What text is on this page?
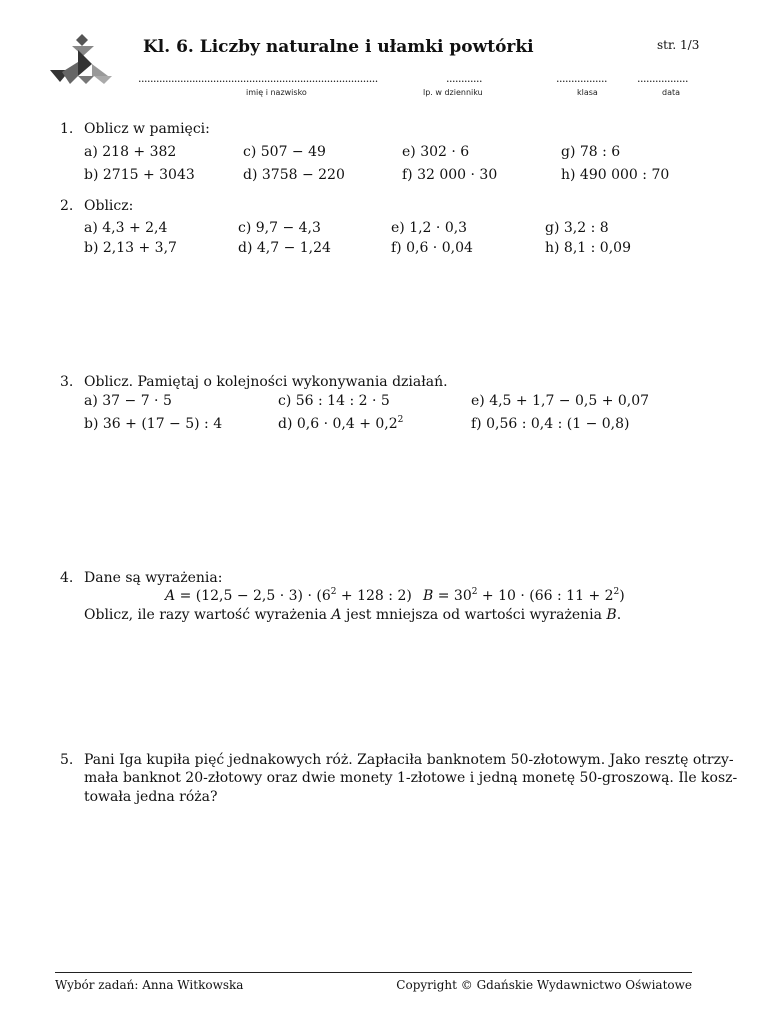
Kl. 6. Liczby naturalne i ułamki powtórki	str. 1/3
................................................................................
imię i nazwisko
............
lp. w dzienniku
.................
klasa
.................
data
1. Oblicz w pamięci:
a) 218 + 382	c) 507 − 49	e) 302 · 6	g) 78 : 6
b) 2715 + 3043	d) 3758 − 220	f) 32 000 · 30	h) 490 000 : 70
2. Oblicz:
a) 4,3 + 2,4	c) 9,7 − 4,3	e) 1,2 · 0,3	g) 3,2 : 8
b) 2,13 + 3,7	d) 4,7 − 1,24	f) 0,6 · 0,04	h) 8,1 : 0,09
3. Oblicz. Pamiętaj o kolejności wykonywania działań.
a) 37 − 7 · 5	c) 56 : 14 : 2 · 5	e) 4,5 + 1,7 − 0,5 + 0,07
b) 36 + (17 − 5) : 4	d) $0,6 \cdot 0,4 + 0,2^2$	f) 0,56 : 0,4 : (1 − 0,8)
4. Dane są wyrażenia:
$A = (12,5 - 2,5 \cdot 3) \cdot (6^2 + 128$ : 2) $B = 30^2 + 10 \cdot (66$ : $11 + 2^2$)
Oblicz, ile razy wartość wyrażenia A jest mniejsza od wartości wyrażenia B.
5. Pani Iga kupiła pięć jednakowych róż. Zapłaciła banknotem 50-złotowym. Jako resztę otrzy-
mała banknot 20-złotowy oraz dwie monety 1-złotowe i jedną monetę 50-groszową. Ile kosz-
towała jedna róża?
Wybór zadań: Anna Witkowska	Copyright © Gdańskie Wydawnictwo Oświatowe
